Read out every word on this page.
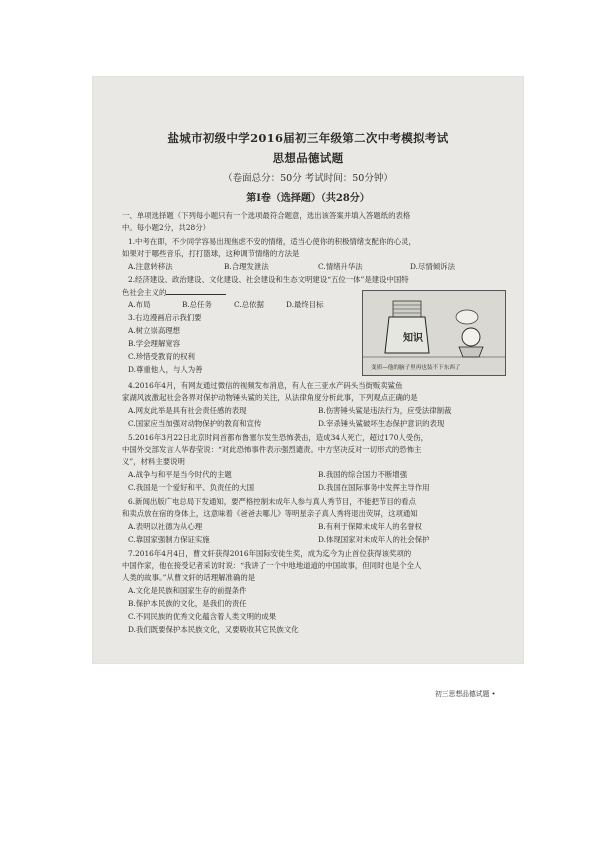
盐城市初级中学2016届初三年级第二次中考模拟考试
思想品德试题
（卷面总分：50分 考试时间：50分钟）
第Ⅰ卷（选择题）（共28分）
一、单项选择题（下列每小题只有一个选项最符合题意，选出该答案并填入答题纸的表格
中。每小题2分，共28分）
1.中考在即，不少同学容易出现焦虑不安的情绪，适当心使你的积极情绪支配你的心灵，
如果对于哪些音乐，打打篮球，这种调节情绪的方法是
A.注意转移法	B.合理发泄法	C.情绪升华法	D.尽情倾诉法
2.经济建设、政治建设、文化建设、社会建设和生态文明建设“五位一体”是建设中国特
色社会主义的
A.布局	B.总任务	C.总依据	D.最终目标
3.右边漫画启示我们要
A.树立崇高理想
B.学会理解宽容
C.珍惜受教育的权利
D.尊重他人，与人为善
4.2016年4月，有网友通过微信的视频发布消息，有人在三亚水产码头当街贩卖鲨鱼
家湖风波激起社会各界对保护动物锤头鲨的关注，从法律角度分析此事，下列观点正确的是
A.网友此举是具有社会责任感的表现	B.伤害锤头鲨是违法行为，应受法律制裁
C.国家应当加强对动物保护的教育和宣传	D.宰杀锤头鲨破坏生态保护意识的表现
5.2016年3月22日北京时间首都布鲁塞尔发生恐怖袭击，造成34人死亡，超过170人受伤，
中国外交部发言人华春莹说：“对此恐怖事件表示强烈谴责。中方坚决反对一切形式的恐怖主
义”，材料主要说明
A.战争与和平是当今时代的主题	B.我国的综合国力不断增强
C.我国是一个爱好和平、负责任的大国	D.我国在国际事务中发挥主导作用
6.新闻出版广电总局下发通知，要严格控制未成年人参与真人秀节目，不能把节目的看点
和卖点放在宿的身体上，这意味着《爸爸去哪儿》等明星亲子真人秀将退出荧屏，这项通知
A.表明以社德为从心理	B.有利于保障未成年人的名誉权
C.靠国家强制力保证实施	D.体现国家对未成年人的社会保护
7.2016年4月4日，曹文轩获得2016年国际安徒生奖，成为迄今为止首位获得该奖项的
中国作家，他在接受记者采访时说：“我讲了一个中地地道道的中国故事，但同时也是个全人
人类的故事。”从曹文轩的话理解准确的是
A.文化是民族和国家生存的前提条件
B.保护本民族的文化，是我们的责任
C.不同民族的优秀文化蕴含着人类文明的成果
D.我们既要保护本民族文化，又要吸收其它民族文化
知识
变质—他的脑子里再也装不下东西了
初三思想品德试题 •
